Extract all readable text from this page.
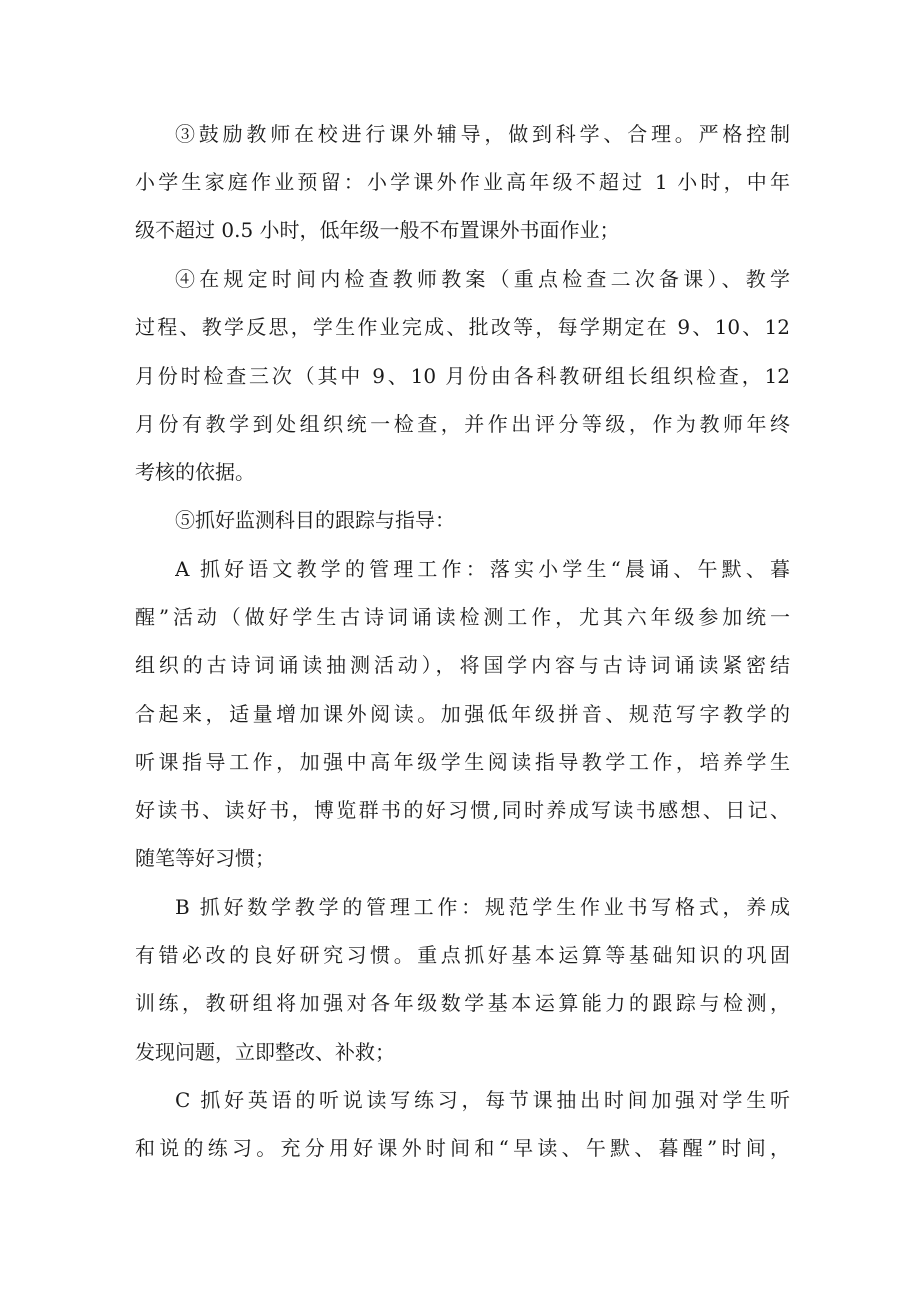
③鼓励教师在校进行课外辅导，做到科学、合理。严格控制
小学生家庭作业预留：小学课外作业高年级不超过 1 小时，中年
级不超过 0.5 小时，低年级一般不布置课外书面作业；
④在规定时间内检查教师教案（重点检查二次备课）、教学
过程、教学反思，学生作业完成、批改等，每学期定在 9、10、12
月份时检查三次（其中 9、10 月份由各科教研组长组织检查，12
月份有教学到处组织统一检查，并作出评分等级，作为教师年终
考核的依据。
⑤抓好监测科目的跟踪与指导：
A 抓好语文教学的管理工作：落实小学生“晨诵、午默、暮
醒”活动（做好学生古诗词诵读检测工作，尤其六年级参加统一
组织的古诗词诵读抽测活动），将国学内容与古诗词诵读紧密结
合起来，适量增加课外阅读。加强低年级拼音、规范写字教学的
听课指导工作，加强中高年级学生阅读指导教学工作，培养学生
好读书、读好书，博览群书的好习惯,同时养成写读书感想、日记、
随笔等好习惯；
B 抓好数学教学的管理工作：规范学生作业书写格式，养成
有错必改的良好研究习惯。重点抓好基本运算等基础知识的巩固
训练，教研组将加强对各年级数学基本运算能力的跟踪与检测，
发现问题，立即整改、补救；
C 抓好英语的听说读写练习，每节课抽出时间加强对学生听
和说的练习。充分用好课外时间和“早读、午默、暮醒”时间，
